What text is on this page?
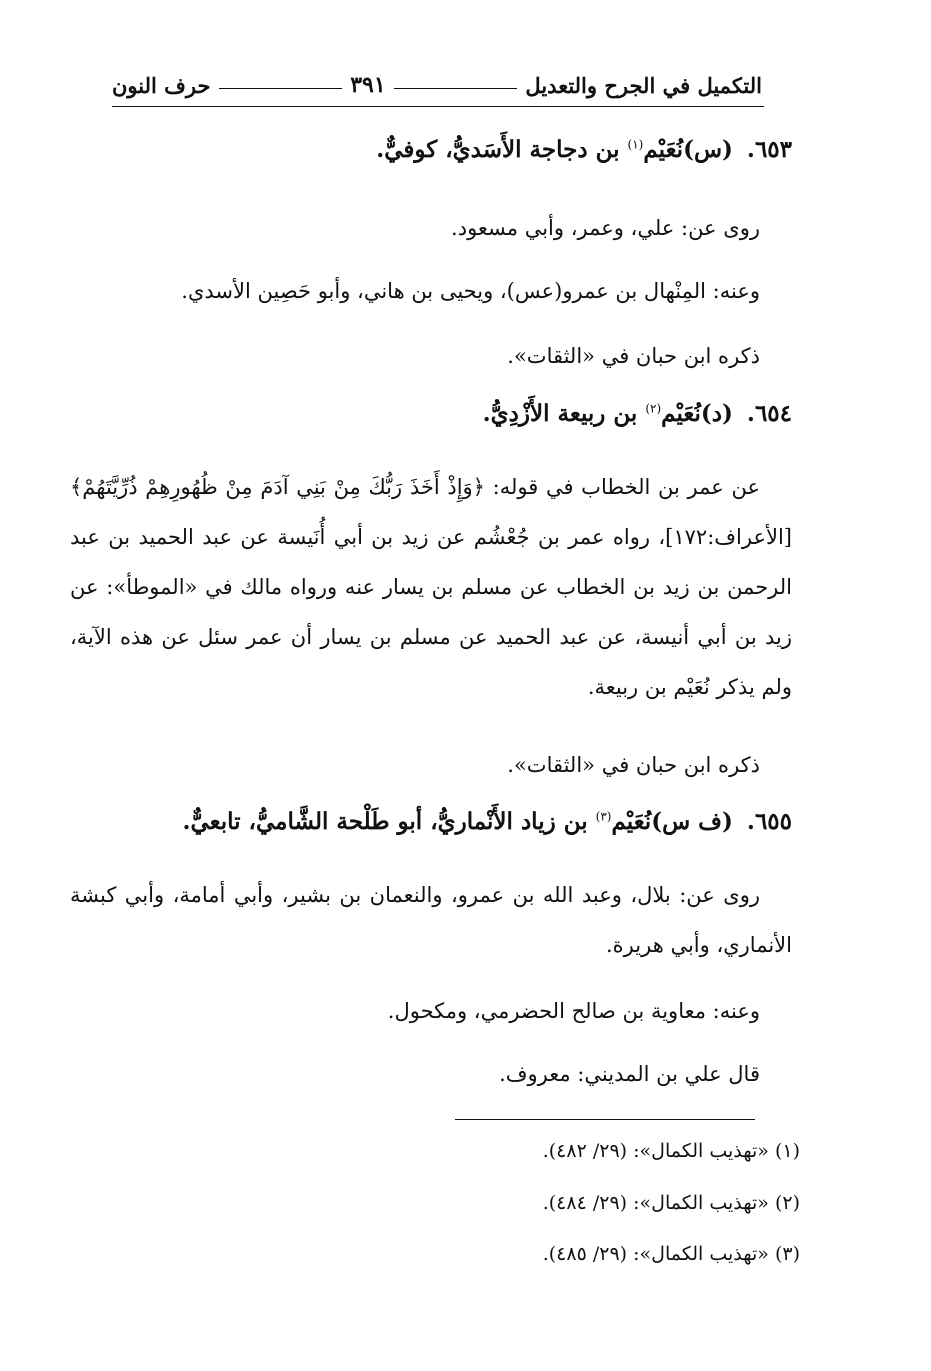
التكميل في الجرح والتعديل
٣٩١
حرف النون
٦٥٣.(س)نُعَيْم$^{(١)}$ بن دجاجة الأَسَديُّ، كوفيٌّ.
روى عن: علي، وعمر، وأبي مسعود.
وعنه: المِنْهال بن عمرو(عس)، ويحيى بن هاني، وأبو حَصِين الأسدي.
ذكره ابن حبان في «الثقات».
٦٥٤.(د)نُعَيْم$^{(٢)}$ بن ربيعة الأَزْدِيُّ.
عن عمر بن الخطاب في قوله: ﴿وَإِذْ أَخَذَ رَبُّكَ مِنْ بَنِي آدَمَ مِنْ ظُهُورِهِمْ ذُرِّيَّتَهُمْ﴾[الأعراف:١٧٢]، رواه عمر بن جُعْشُم عن زيد بن أبي أُنَيسة عن عبد الحميد بن عبد الرحمن بن زيد بن الخطاب عن مسلم بن يسار عنه ورواه مالك في «الموطأ»: عن زيد بن أبي أنيسة، عن عبد الحميد عن مسلم بن يسار أن عمر سئل عن هذه الآية، ولم يذكر نُعَيْم بن ربيعة.
ذكره ابن حبان في «الثقات».
٦٥٥.(ف س)نُعَيْم$^{(٣)}$ بن زياد الأَنْماريُّ، أبو طَلْحة الشَّاميُّ، تابعيٌّ.
روى عن: بلال، وعبد الله بن عمرو، والنعمان بن بشير، وأبي أمامة، وأبي كبشة الأنماري، وأبي هريرة.
وعنه: معاوية بن صالح الحضرمي، ومكحول.
قال علي بن المديني: معروف.
(١) «تهذيب الكمال»: (٢٩/ ٤٨٢).
(٢) «تهذيب الكمال»: (٢٩/ ٤٨٤).
(٣) «تهذيب الكمال»: (٢٩/ ٤٨٥).
